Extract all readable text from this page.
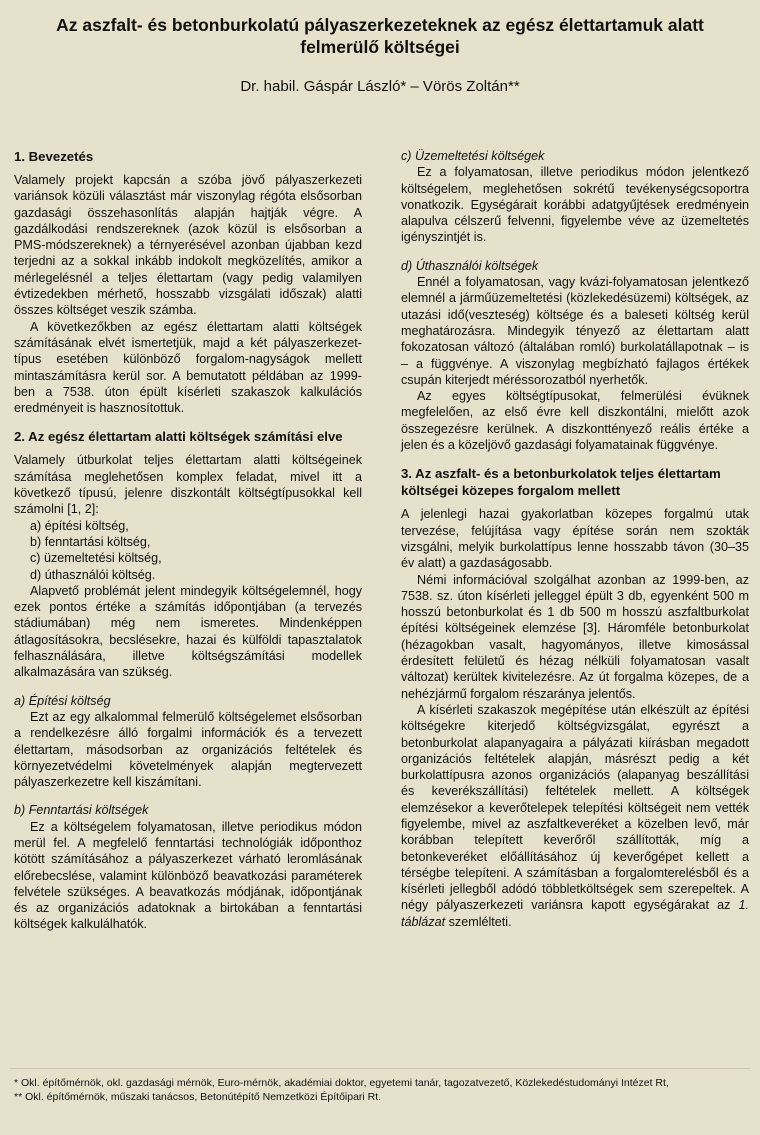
Az aszfalt- és betonburkolatú pályaszerkezeteknek az egész élettartamuk alatt
felmerülő költségei
Dr. habil. Gáspár László* – Vörös Zoltán**
1. Bevezetés

Valamely projekt kapcsán a szóba jövő pályaszerkezeti variánsok közüli választást már viszonylag régóta elsősorban gazdasági összehasonlítás alapján hajtják végre. A gazdálkodási rendszereknek (azok közül is elsősorban a PMS-módszereknek) a térnyerésével azonban újabban kezd terjedni az a sokkal inkább indokolt megközelítés, amikor a mérlegelésnél a teljes élettartam (vagy pedig valamilyen évtizedekben mérhető, hosszabb vizsgálati időszak) alatti összes költséget veszik számba.

A következőkben az egész élettartam alatti költségek számításának elvét ismertetjük, majd a két pályaszerkezet-típus esetében különböző forgalom-nagyságok mellett mintaszámításra kerül sor. A bemutatott példában az 1999-ben a 7538. úton épült kísérleti szakaszok kalkulációs eredményeit is hasznosítottuk.

2. Az egész élettartam alatti költségek számítási elve

Valamely útburkolat teljes élettartam alatti költségeinek számítása meglehetősen komplex feladat, mivel itt a következő típusú, jelenre diszkontált költségtípusokkal kell számolni [1, 2]:

a) építési költség,
b) fenntartási költség,
c) üzemeltetési költség,
d) úthasználói költség.

Alapvető problémát jelent mindegyik költségelemnél, hogy ezek pontos értéke a számítás időpontjában (a tervezés stádiumában) még nem ismeretes. Mindenképpen átlagosításokra, becslésekre, hazai és külföldi tapasztalatok felhasználására, illetve költségszámítási modellek alkalmazására van szükség.

a) Építési költség

Ezt az egy alkalommal felmerülő költségelemet elsősorban a rendelkezésre álló forgalmi információk és a tervezett élettartam, másodsorban az organizációs feltételek és környezetvédelmi követelmények alapján megtervezett pályaszerkezetre kell kiszámítani.

b) Fenntartási költségek

Ez a költségelem folyamatosan, illetve periodikus módon merül fel. A megfelelő fenntartási technológiák időponthoz kötött számításához a pályaszerkezet várható leromlásának előrebecslése, valamint különböző beavatkozási paraméterek felvétele szükséges. A beavatkozás módjának, időpontjának és az organizációs adatoknak a birtokában a fenntartási költségek kalkulálhatók.

c) Üzemeltetési költségek

Ez a folyamatosan, illetve periodikus módon jelentkező költségelem, meglehetősen sokrétű tevékenységcsoportra vonatkozik. Egységárait korábbi adatgyűjtések eredményein alapulva célszerű felvenni, figyelembe véve az üzemeltetés igényszintjét is.

d) Úthasználói költségek

Ennél a folyamatosan, vagy kvázi-folyamatosan jelentkező elemnél a járműüzemeltetési (közlekedésüzemi) költségek, az utazási idő(veszteség) költsége és a baleseti költség kerül meghatározásra. Mindegyik tényező az élettartam alatt fokozatosan változó (általában romló) burkolatállapotnak – is – a függvénye. A viszonylag megbízható fajlagos értékek csupán kiterjedt méréssorozatból nyerhetők.

Az egyes költségtípusokat, felmerülési évüknek megfelelően, az első évre kell diszkontálni, mielőtt azok összegezésre kerülnek. A diszkonttényező reális értéke a jelen és a közeljövő gazdasági folyamatainak függvénye.

3. Az aszfalt- és a betonburkolatok teljes élettartam költségei közepes forgalom mellett

A jelenlegi hazai gyakorlatban közepes forgalmú utak tervezése, felújítása vagy építése során nem szokták vizsgálni, melyik burkolattípus lenne hosszabb távon (30–35 év alatt) a gazdaságosabb.

Némi információval szolgálhat azonban az 1999-ben, az 7538. sz. úton kísérleti jelleggel épült 3 db, egyenként 500 m hosszú betonburkolat és 1 db 500 m hosszú aszfaltburkolat építési költségeinek elemzése [3]. Háromféle betonburkolat (hézagokban vasalt, hagyományos, illetve kimosással érdesített felületű és hézag nélküli folyamatosan vasalt változat) kerültek kivitelezésre. Az út forgalma közepes, de a nehézjármű forgalom részaránya jelentős.

A kísérleti szakaszok megépítése után elkészült az építési költségekre kiterjedő költségvizsgálat, egyrészt a betonburkolat alapanyagaira a pályázati kiírásban megadott organizációs feltételek alapján, másrészt pedig a két burkolattípusra azonos organizációs (alapanyag beszállítási és keverékszállítási) feltételek mellett. A költségek elemzésekor a keverőtelepek telepítési költségeit nem vették figyelembe, mivel az aszfaltkeveréket a közelben levő, már korábban telepített keverőről szállították, míg a betonkeveréket előállításához új keverőgépet kellett a térségbe telepíteni. A számításban a forgalomterelésből és a kísérleti jellegből adódó többletköltségek sem szerepeltek. A négy pályaszerkezeti variánsra kapott egységárakat az 1. táblázat szemlélteti.

* Okl. építőmérnök, okl. gazdasági mérnök, Euro-mérnök, akadémiai doktor, egyetemi tanár, tagozatvezető, Közlekedéstudományi Intézet Rt,

** Okl. építőmérnök, műszaki tanácsos, Betonútépítő Nemzetközi Építőipari Rt.
